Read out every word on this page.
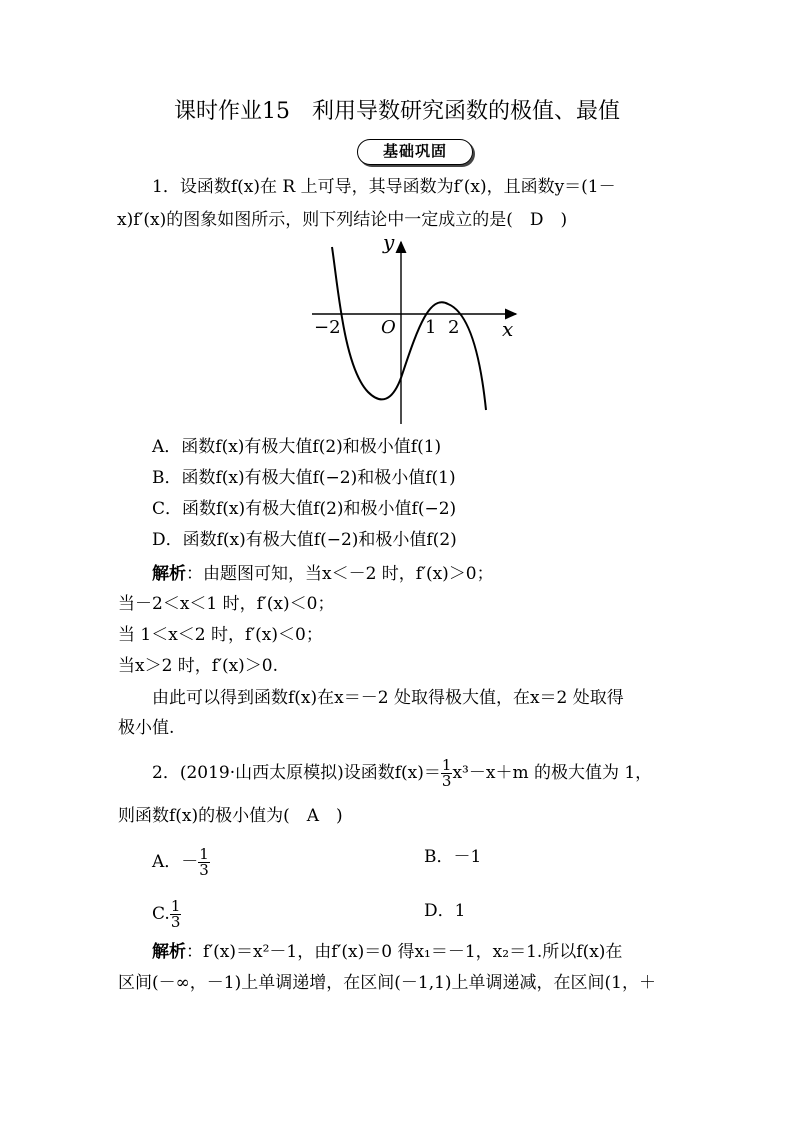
课时作业15　利用导数研究函数的极值、最值
基础巩固
1．设函数f(x)在 R 上可导，其导函数为f′(x)，且函数y＝(1－
x)f′(x)的图象如图所示，则下列结论中一定成立的是(　D　)
y
x
O
−2	1 2
A．函数f(x)有极大值f(2)和极小值f(1)
B．函数f(x)有极大值f(−2)和极小值f(1)
C．函数f(x)有极大值f(2)和极小值f(−2)
D．函数f(x)有极大值f(−2)和极小值f(2)
解析：由题图可知，当x＜－2 时，f′(x)＞0；
当－2＜x＜1 时，f′(x)＜0；
当 1＜x＜2 时，f′(x)＜0；
当x＞2 时，f′(x)＞0.
由此可以得到函数f(x)在x＝－2 处取得极大值，在x＝2 处取得
极小值.
2．(2019·山西太原模拟)设函数$f(x)= \frac{1}{3} x^3-x+m$ 的极大值为 1，
则函数f(x)的极小值为(　A　)
A．－ $\frac{1}{3}$	B．－1
C. $\frac{1}{3}$	D．1
解析：f′(x)＝x²－1，由f′(x)＝0 得x₁＝－1，x₂＝1.所以f(x)在
区间(－∞，－1)上单调递增，在区间(－1,1)上单调递减，在区间(1，＋
